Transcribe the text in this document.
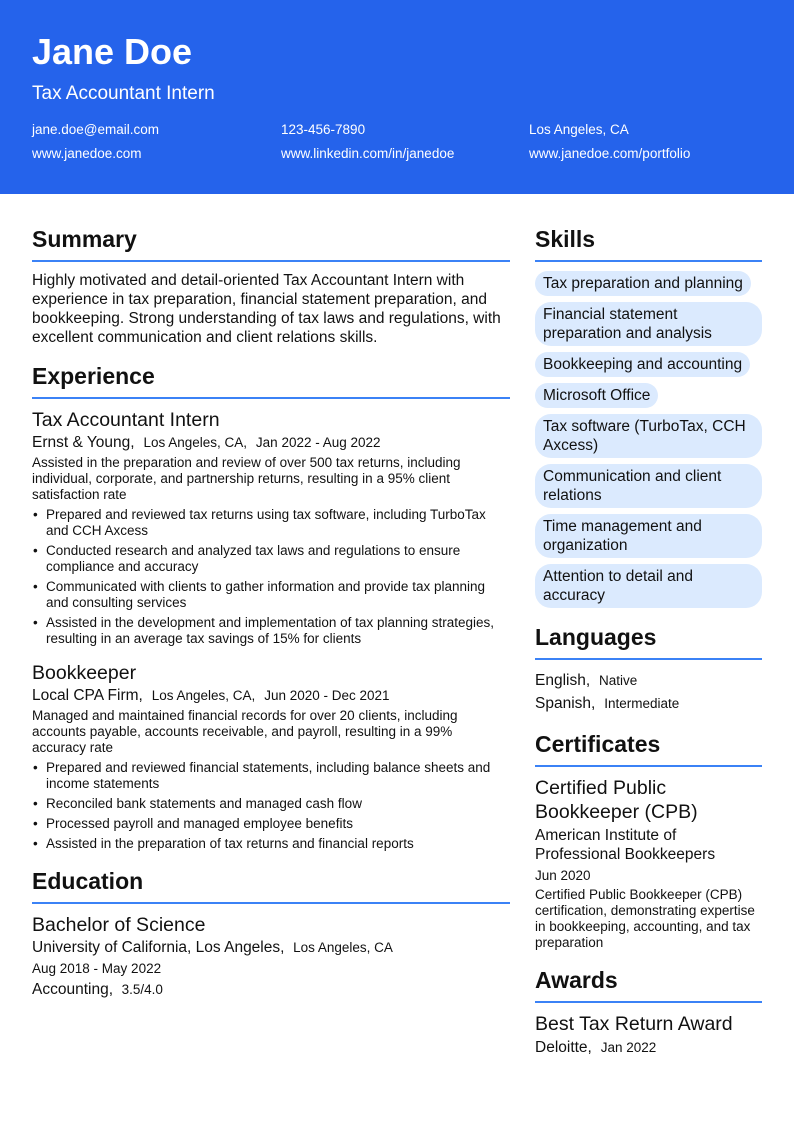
Jane Doe
Tax Accountant Intern
jane.doe@email.com	123-456-7890	Los Angeles, CA
www.janedoe.com	www.linkedin.com/in/janedoe	www.janedoe.com/portfolio
Summary

Highly motivated and detail-oriented Tax Accountant Intern with experience in tax preparation, financial statement preparation, and bookkeeping. Strong understanding of tax laws and regulations, with excellent communication and client relations skills.

Experience
Tax Accountant Intern
Ernst & Young, Los Angeles, CA, Jan 2022 - Aug 2022

Assisted in the preparation and review of over 500 tax returns, including individual, corporate, and partnership returns, resulting in a 95% client satisfaction rate

• Prepared and reviewed tax returns using tax software, including TurboTax and CCH Axcess
• Conducted research and analyzed tax laws and regulations to ensure compliance and accuracy
• Communicated with clients to gather information and provide tax planning and consulting services
• Assisted in the development and implementation of tax planning strategies, resulting in an average tax savings of 15% for clients
Bookkeeper
Local CPA Firm, Los Angeles, CA, Jun 2020 - Dec 2021

Managed and maintained financial records for over 20 clients, including accounts payable, accounts receivable, and payroll, resulting in a 99% accuracy rate

• Prepared and reviewed financial statements, including balance sheets and income statements
• Reconciled bank statements and managed cash flow
• Processed payroll and managed employee benefits
• Assisted in the preparation of tax returns and financial reports
Education
Bachelor of Science
University of California, Los Angeles, Los Angeles, CA
Aug 2018 - May 2022
Accounting, 3.5/4.0
Skills
Tax preparation and planning
Financial statement preparation and analysis
Bookkeeping and accounting
Microsoft Office
Tax software (TurboTax, CCH Axcess)
Communication and client relations
Time management and organization
Attention to detail and accuracy
Languages
English, Native
Spanish, Intermediate
Certificates
Certified Public Bookkeeper (CPB)
American Institute of Professional Bookkeepers
Jun 2020

Certified Public Bookkeeper (CPB) certification, demonstrating expertise in bookkeeping, accounting, and tax preparation

Awards
Best Tax Return Award
Deloitte, Jan 2022
